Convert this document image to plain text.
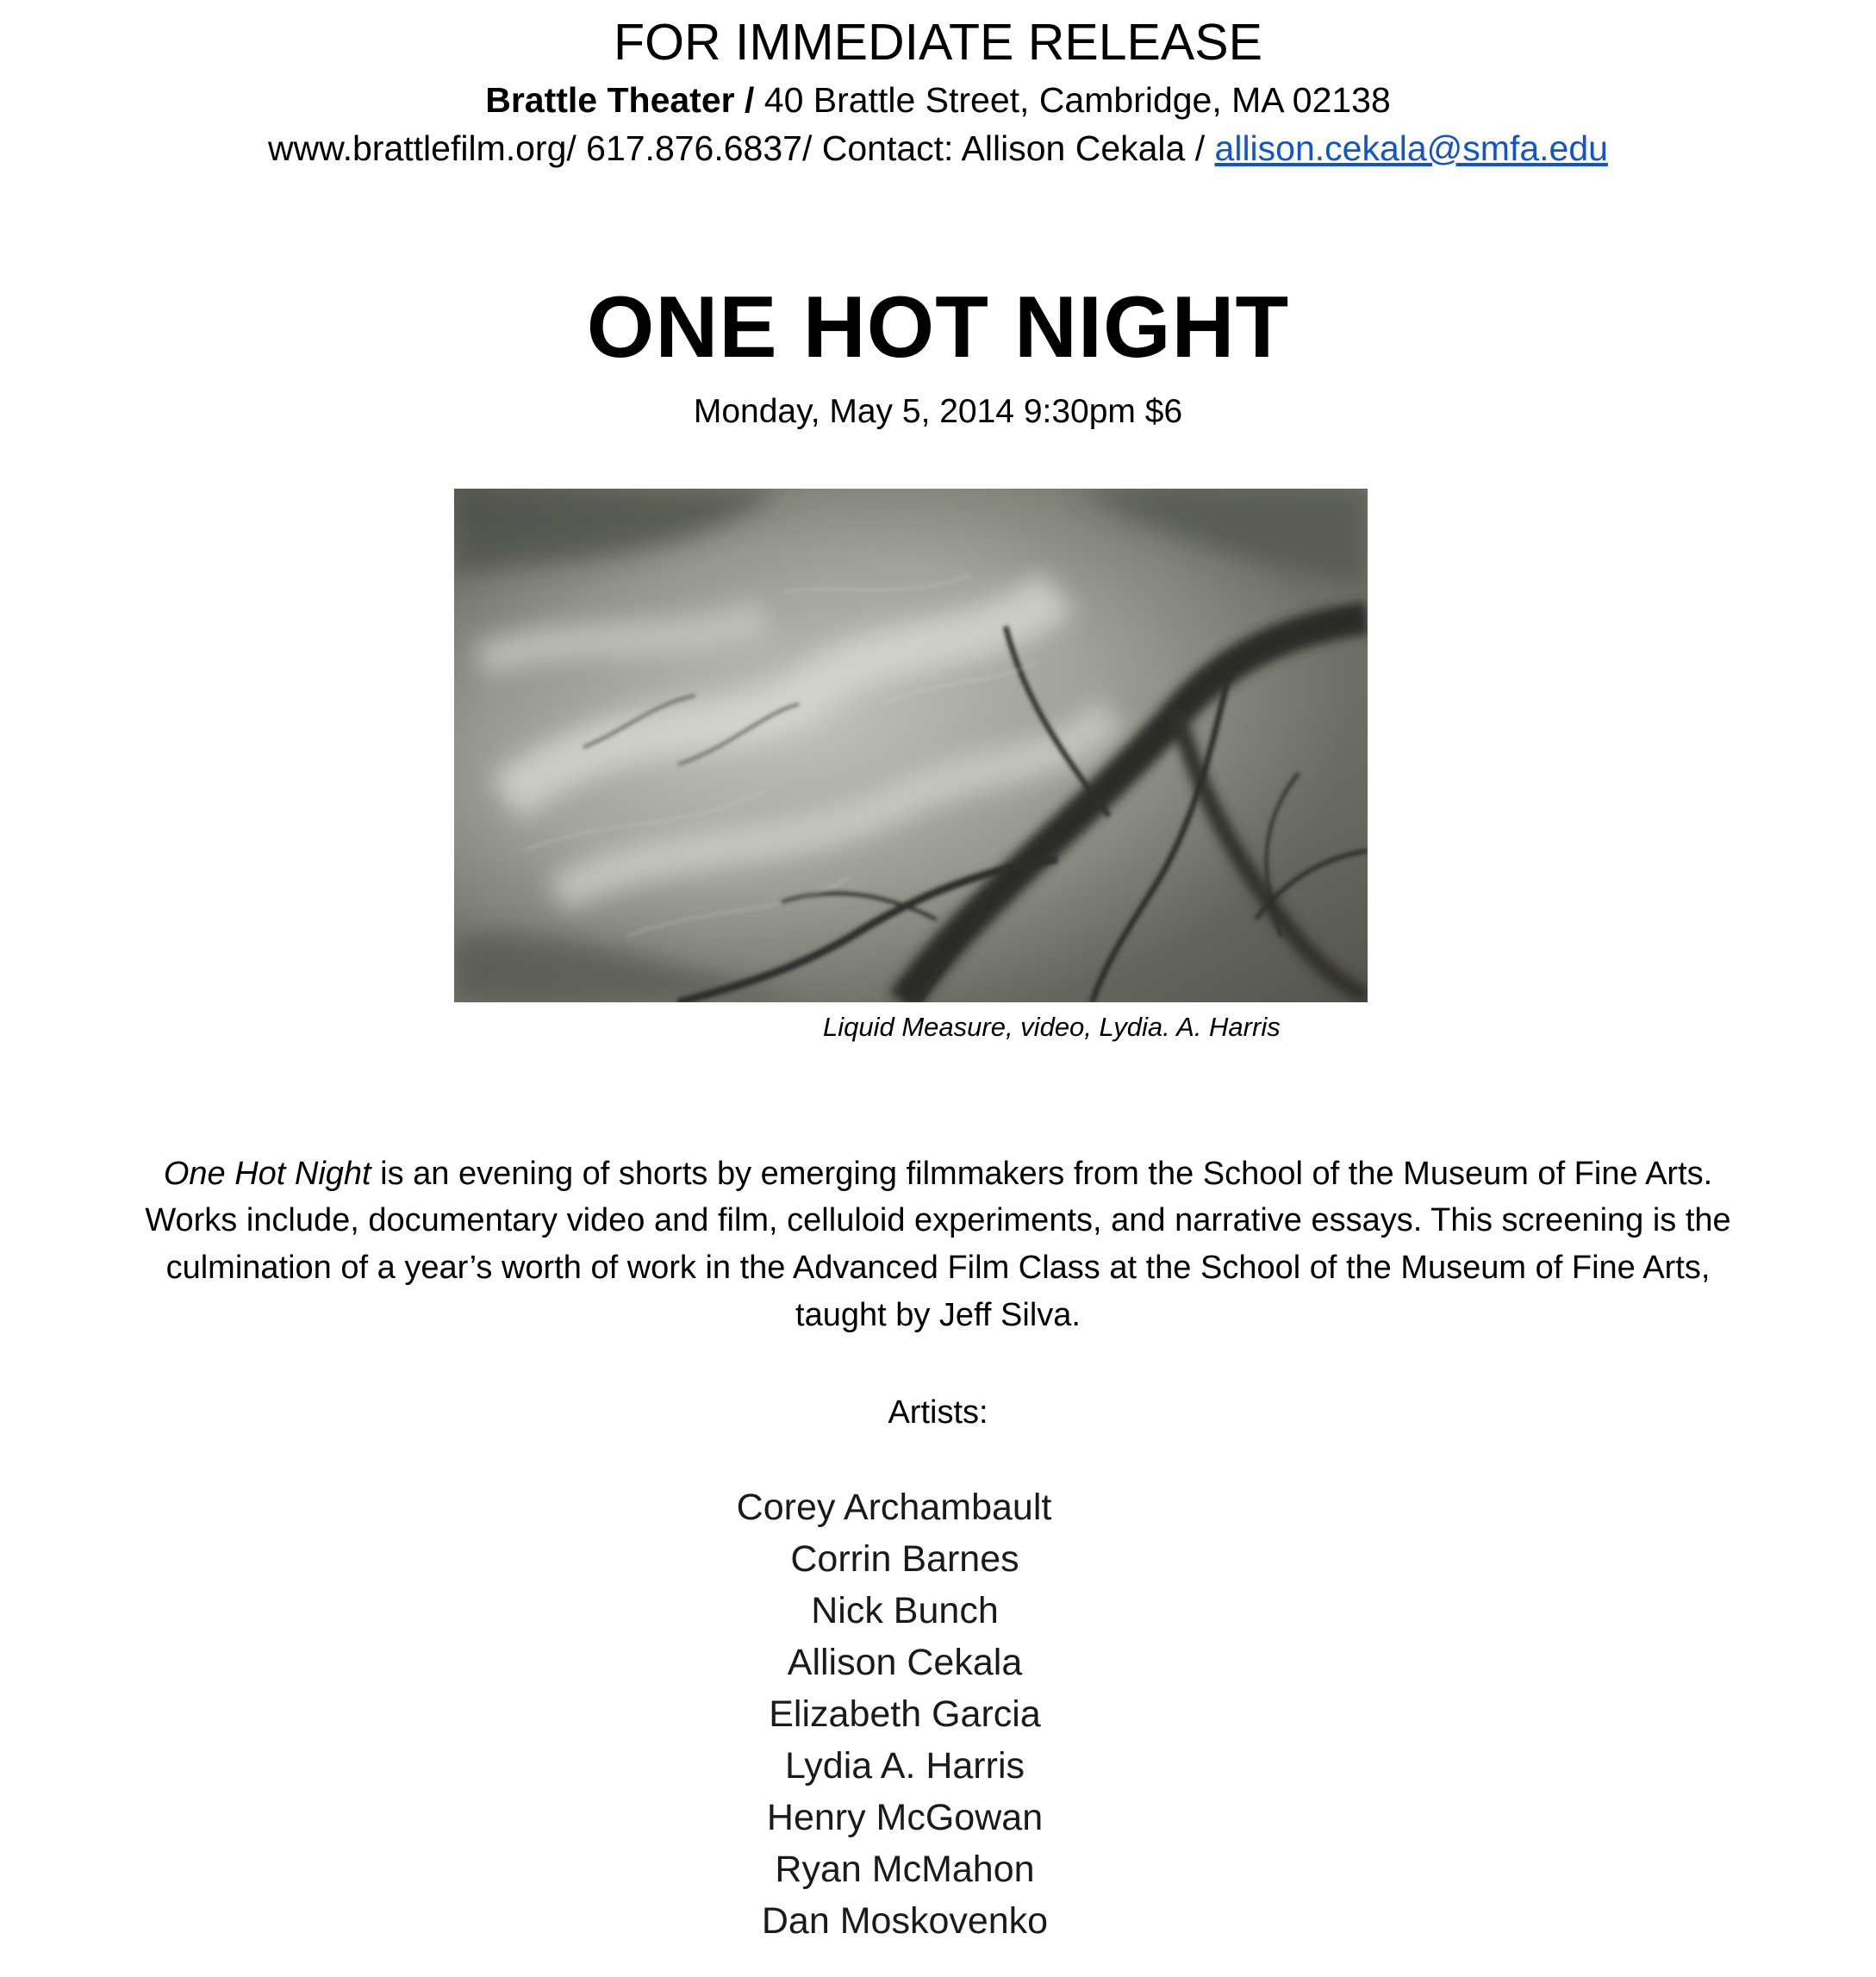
FOR IMMEDIATE RELEASE
Brattle Theater / 40 Brattle Street, Cambridge, MA 02138
www.brattlefilm.org/ 617.876.6837/ Contact: Allison Cekala / allison.cekala@smfa.edu
ONE HOT NIGHT
Monday, May 5, 2014 9:30pm $6
Liquid Measure, video, Lydia. A. Harris
One Hot Night is an evening of shorts by emerging filmmakers from the School of the Museum of Fine Arts.
Works include, documentary video and film, celluloid experiments, and narrative essays. This screening is the
culmination of a year’s worth of work in the Advanced Film Class at the School of the Museum of Fine Arts,
taught by Jeff Silva.
Artists:
Corey Archambault
Corrin Barnes
Nick Bunch
Allison Cekala
Elizabeth Garcia
Lydia A. Harris
Henry McGowan
Ryan McMahon
Dan Moskovenko
